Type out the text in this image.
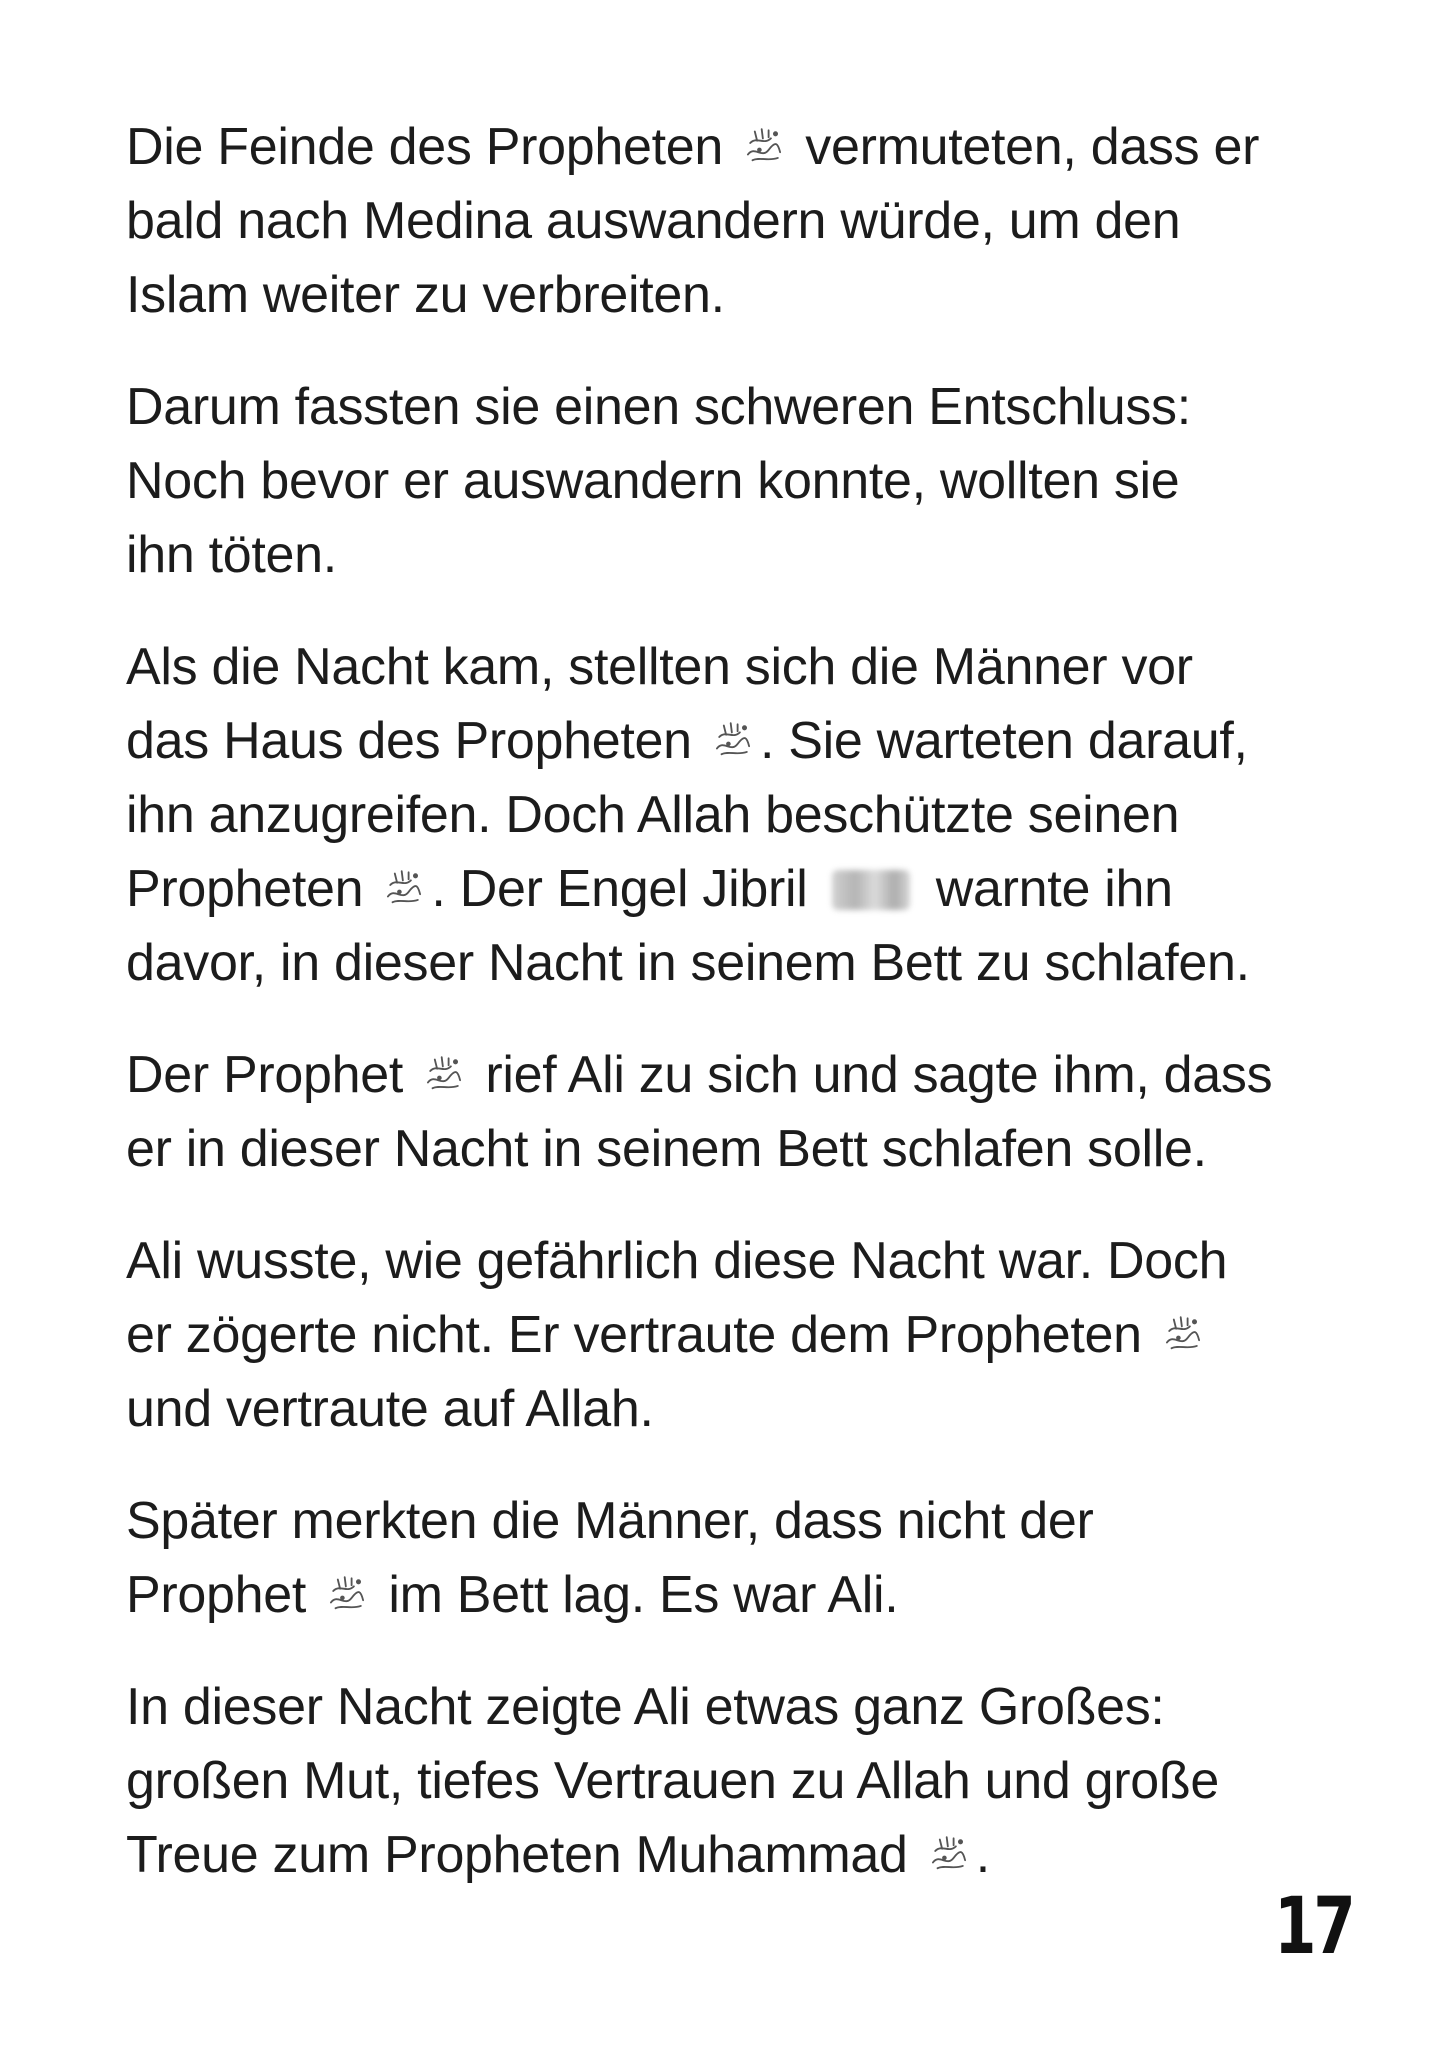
Die Feinde des Propheten
vermuteten, dass er
bald nach Medina auswandern würde, um den
Islam weiter zu verbreiten.

Darum fassten sie einen schweren Entschluss:
Noch bevor er auswandern konnte, wollten sie
ihn töten.

Als die Nacht kam, stellten sich die Männer vor
das Haus des Propheten
. Sie warteten darauf,
ihn anzugreifen. Doch Allah beschützte seinen
Propheten
. Der Engel Jibril  warnte ihn
davor, in dieser Nacht in seinem Bett zu schlafen.

Der Prophet
rief Ali zu sich und sagte ihm, dass
er in dieser Nacht in seinem Bett schlafen solle.

Ali wusste, wie gefährlich diese Nacht war. Doch
er zögerte nicht. Er vertraute dem Propheten
und vertraute auf Allah.

Später merkten die Männer, dass nicht der
Prophet
im Bett lag. Es war Ali.

In dieser Nacht zeigte Ali etwas ganz Großes:
großen Mut, tiefes Vertrauen zu Allah und große
Treue zum Propheten Muhammad
.

17
